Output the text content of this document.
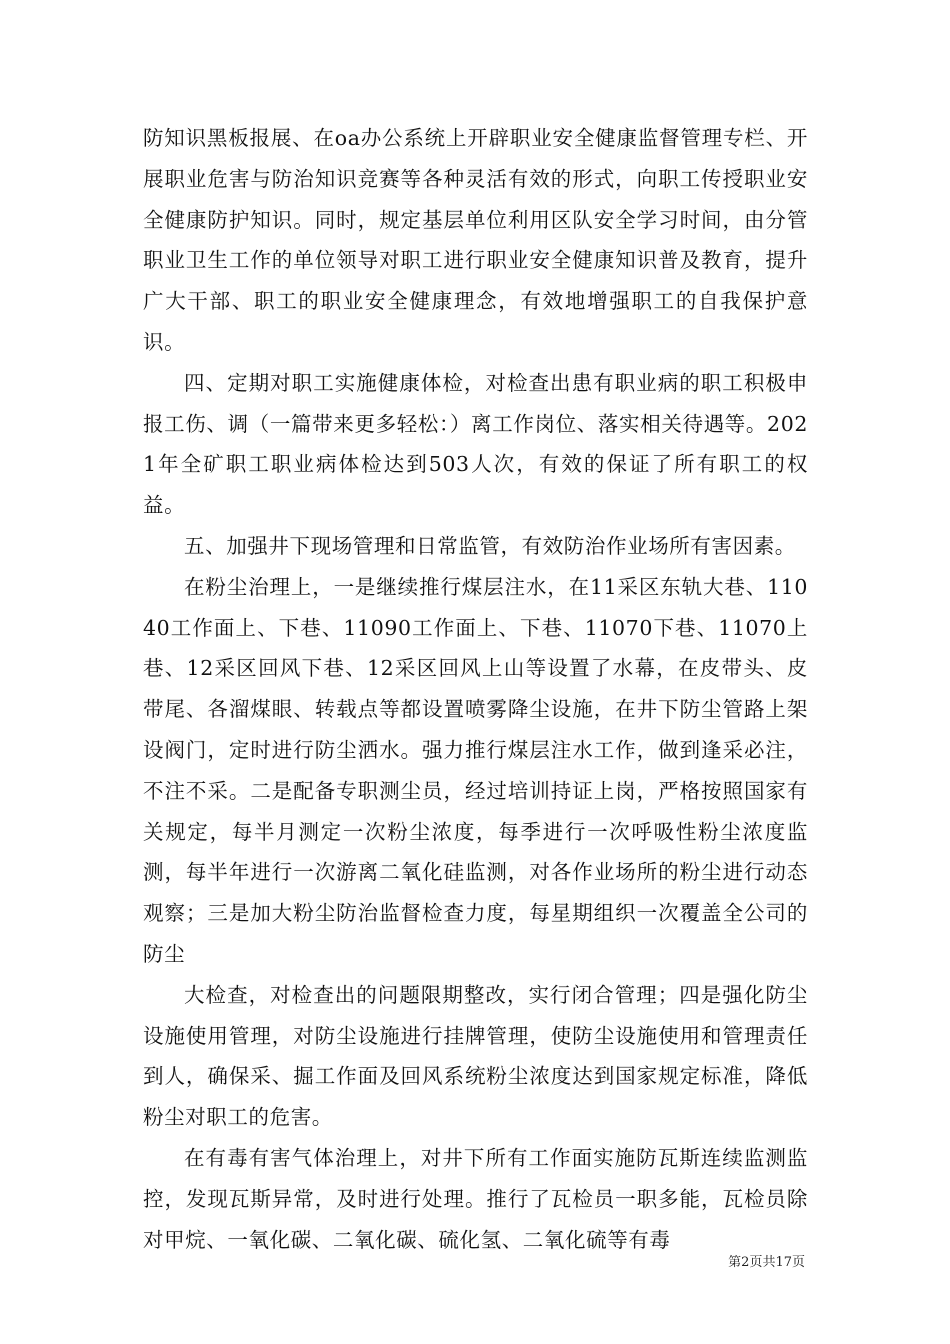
防知识黑板报展、在oa办公系统上开辟职业安全健康监督管理专栏、开展职业危害与防治知识竞赛等各种灵活有效的形式，向职工传授职业安全健康防护知识。同时，规定基层单位利用区队安全学习时间，由分管职业卫生工作的单位领导对职工进行职业安全健康知识普及教育，提升广大干部、职工的职业安全健康理念，有效地增强职工的自我保护意识。

四、定期对职工实施健康体检，对检查出患有职业病的职工积极申报工伤、调（一篇带来更多轻松：）离工作岗位、落实相关待遇等。2021年全矿职工职业病体检达到503人次，有效的保证了所有职工的权益。

五、加强井下现场管理和日常监管，有效防治作业场所有害因素。

在粉尘治理上，一是继续推行煤层注水，在11采区东轨大巷、11040工作面上、下巷、11090工作面上、下巷、11070下巷、11070上巷、12采区回风下巷、12采区回风上山等设置了水幕，在皮带头、皮带尾、各溜煤眼、转载点等都设置喷雾降尘设施，在井下防尘管路上架设阀门，定时进行防尘洒水。强力推行煤层注水工作，做到逢采必注，不注不采。二是配备专职测尘员，经过培训持证上岗，严格按照国家有关规定，每半月测定一次粉尘浓度，每季进行一次呼吸性粉尘浓度监测，每半年进行一次游离二氧化硅监测，对各作业场所的粉尘进行动态观察；三是加大粉尘防治监督检查力度，每星期组织一次覆盖全公司的防尘

大检查，对检查出的问题限期整改，实行闭合管理；四是强化防尘设施使用管理，对防尘设施进行挂牌管理，使防尘设施使用和管理责任到人，确保采、掘工作面及回风系统粉尘浓度达到国家规定标准，降低粉尘对职工的危害。

在有毒有害气体治理上，对井下所有工作面实施防瓦斯连续监测监控，发现瓦斯异常，及时进行处理。推行了瓦检员一职多能，瓦检员除对甲烷、一氧化碳、二氧化碳、硫化氢、二氧化硫等有毒

第2页共17页
